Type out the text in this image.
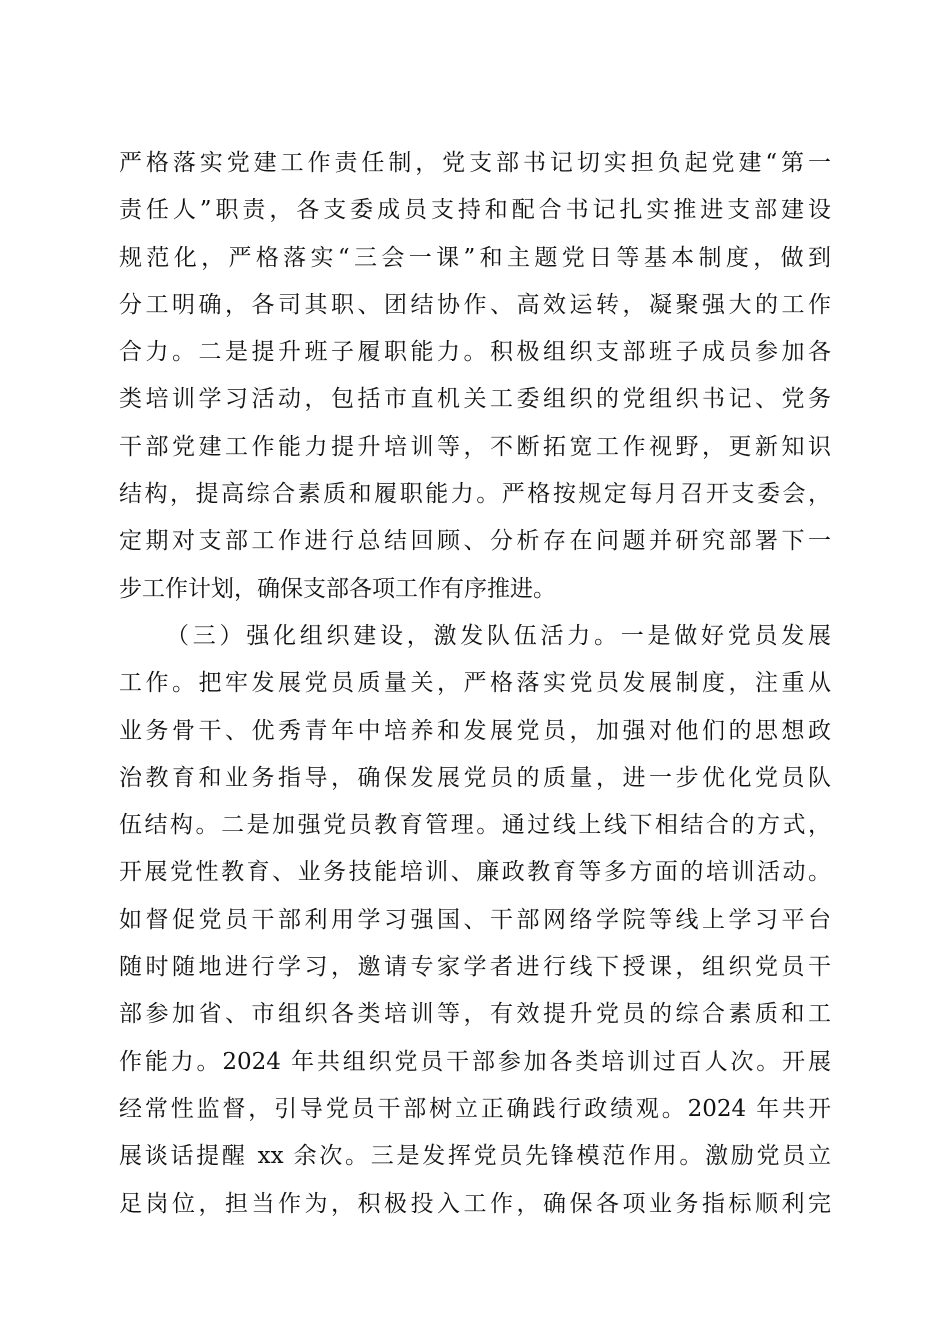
严格落实党建工作责任制，党支部书记切实担负起党建“第一
责任人”职责，各支委成员支持和配合书记扎实推进支部建设
规范化，严格落实“三会一课”和主题党日等基本制度，做到
分工明确，各司其职、团结协作、高效运转，凝聚强大的工作
合力。二是提升班子履职能力。积极组织支部班子成员参加各
类培训学习活动，包括市直机关工委组织的党组织书记、党务
干部党建工作能力提升培训等，不断拓宽工作视野，更新知识
结构，提高综合素质和履职能力。严格按规定每月召开支委会，
定期对支部工作进行总结回顾、分析存在问题并研究部署下一
步工作计划，确保支部各项工作有序推进。
（三）强化组织建设，激发队伍活力。一是做好党员发展
工作。把牢发展党员质量关，严格落实党员发展制度，注重从
业务骨干、优秀青年中培养和发展党员，加强对他们的思想政
治教育和业务指导，确保发展党员的质量，进一步优化党员队
伍结构。二是加强党员教育管理。通过线上线下相结合的方式，
开展党性教育、业务技能培训、廉政教育等多方面的培训活动。
如督促党员干部利用学习强国、干部网络学院等线上学习平台
随时随地进行学习，邀请专家学者进行线下授课，组织党员干
部参加省、市组织各类培训等，有效提升党员的综合素质和工
作能力。2024 年共组织党员干部参加各类培训过百人次。开展
经常性监督，引导党员干部树立正确践行政绩观。2024 年共开
展谈话提醒 xx 余次。三是发挥党员先锋模范作用。激励党员立
足岗位，担当作为，积极投入工作，确保各项业务指标顺利完
